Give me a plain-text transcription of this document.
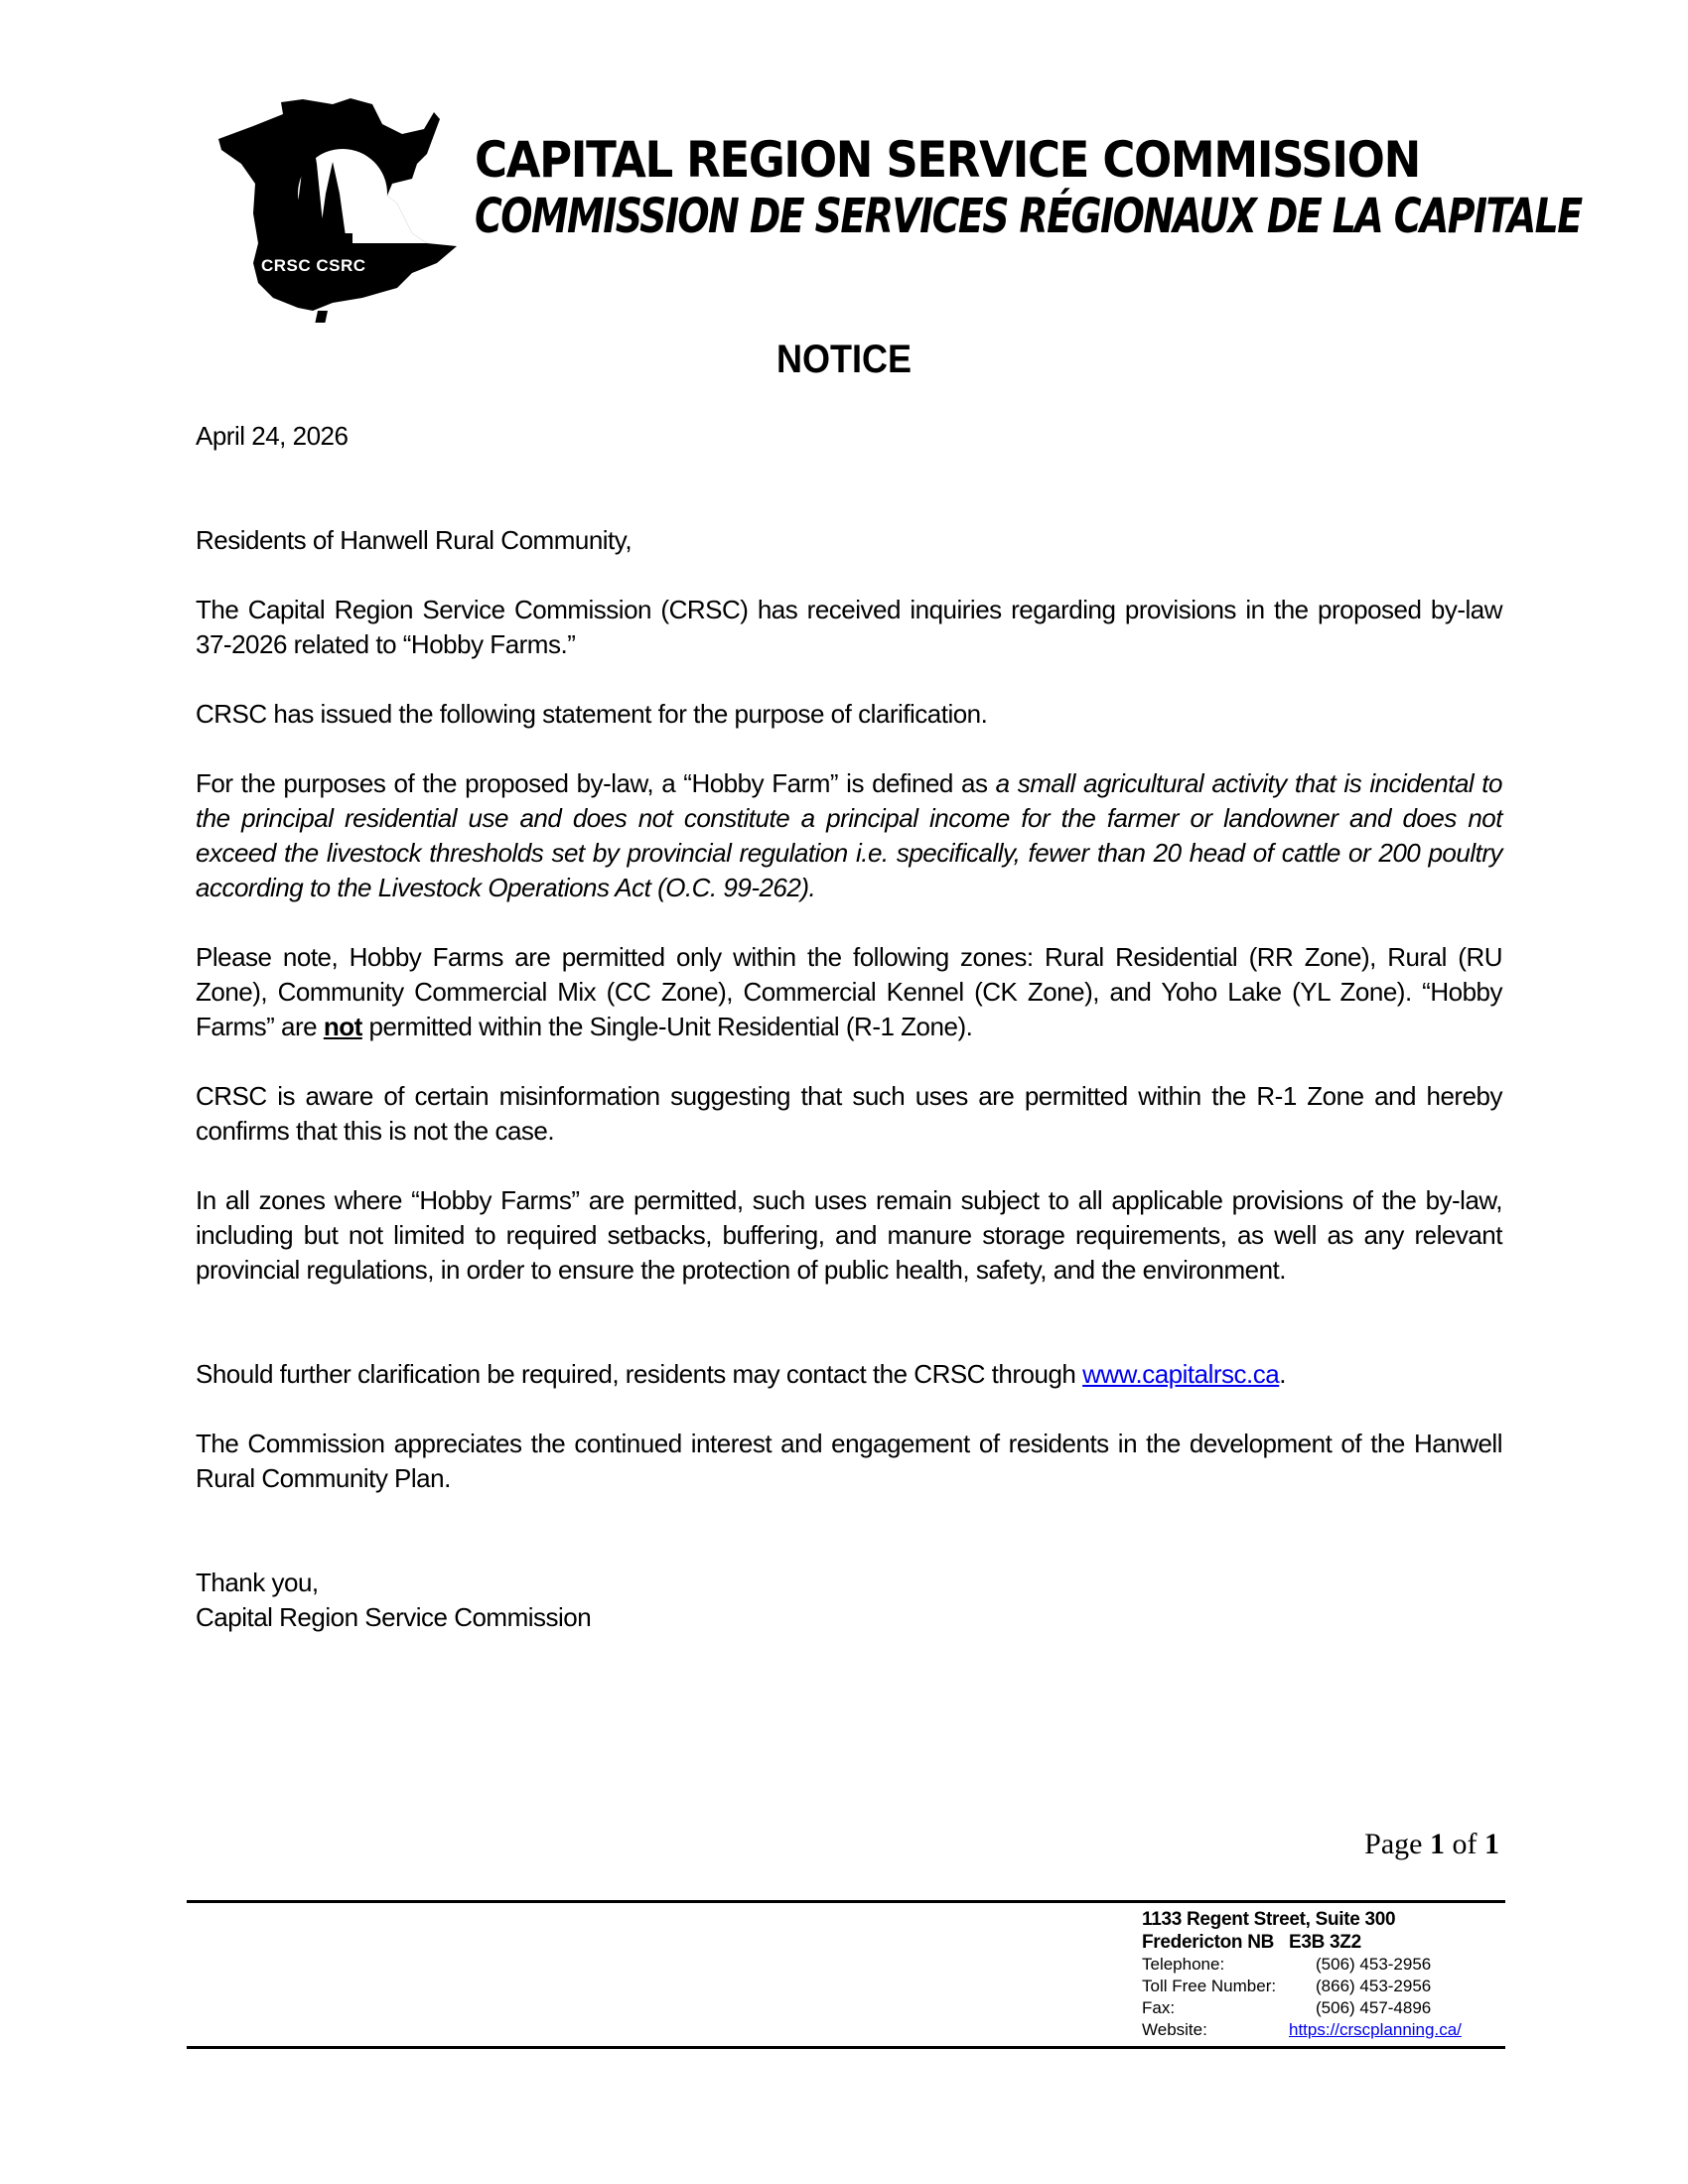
CRSC CSRC
CAPITAL REGION SERVICE COMMISSION
COMMISSION DE SERVICES RÉGIONAUX DE LA CAPITALE
NOTICE
April 24, 2026
Residents of Hanwell Rural Community,
The Capital Region Service Commission (CRSC) has received inquiries regarding provisions in the proposed by-law 37-2026 related to “Hobby Farms.”
CRSC has issued the following statement for the purpose of clarification.
For the purposes of the proposed by-law, a “Hobby Farm” is defined as a small agricultural activity that is incidental to the principal residential use and does not constitute a principal income for the farmer or landowner and does not exceed the livestock thresholds set by provincial regulation i.e. specifically, fewer than 20 head of cattle or 200 poultry according to the Livestock Operations Act (O.C. 99-262).
Please note, Hobby Farms are permitted only within the following zones: Rural Residential (RR Zone), Rural (RU Zone), Community Commercial Mix (CC Zone), Commercial Kennel (CK Zone), and Yoho Lake (YL Zone). “Hobby Farms” are not permitted within the Single-Unit Residential (R-1 Zone).
CRSC is aware of certain misinformation suggesting that such uses are permitted within the R-1 Zone and hereby confirms that this is not the case.
In all zones where “Hobby Farms” are permitted, such uses remain subject to all applicable provisions of the by-law, including but not limited to required setbacks, buffering, and manure storage requirements, as well as any relevant provincial regulations, in order to ensure the protection of public health, safety, and the environment.
Should further clarification be required, residents may contact the CRSC through www.capitalrsc.ca.
The Commission appreciates the continued interest and engagement of residents in the development of the Hanwell Rural Community Plan.
Thank you,
Capital Region Service Commission
Page 1 of 1
1133 Regent Street, Suite 300
Fredericton NB   E3B 3Z2
Telephone:	(506) 453-2956
Toll Free Number:	(866) 453-2956
Fax:	(506) 457-4896
Website:	https://crscplanning.ca/
